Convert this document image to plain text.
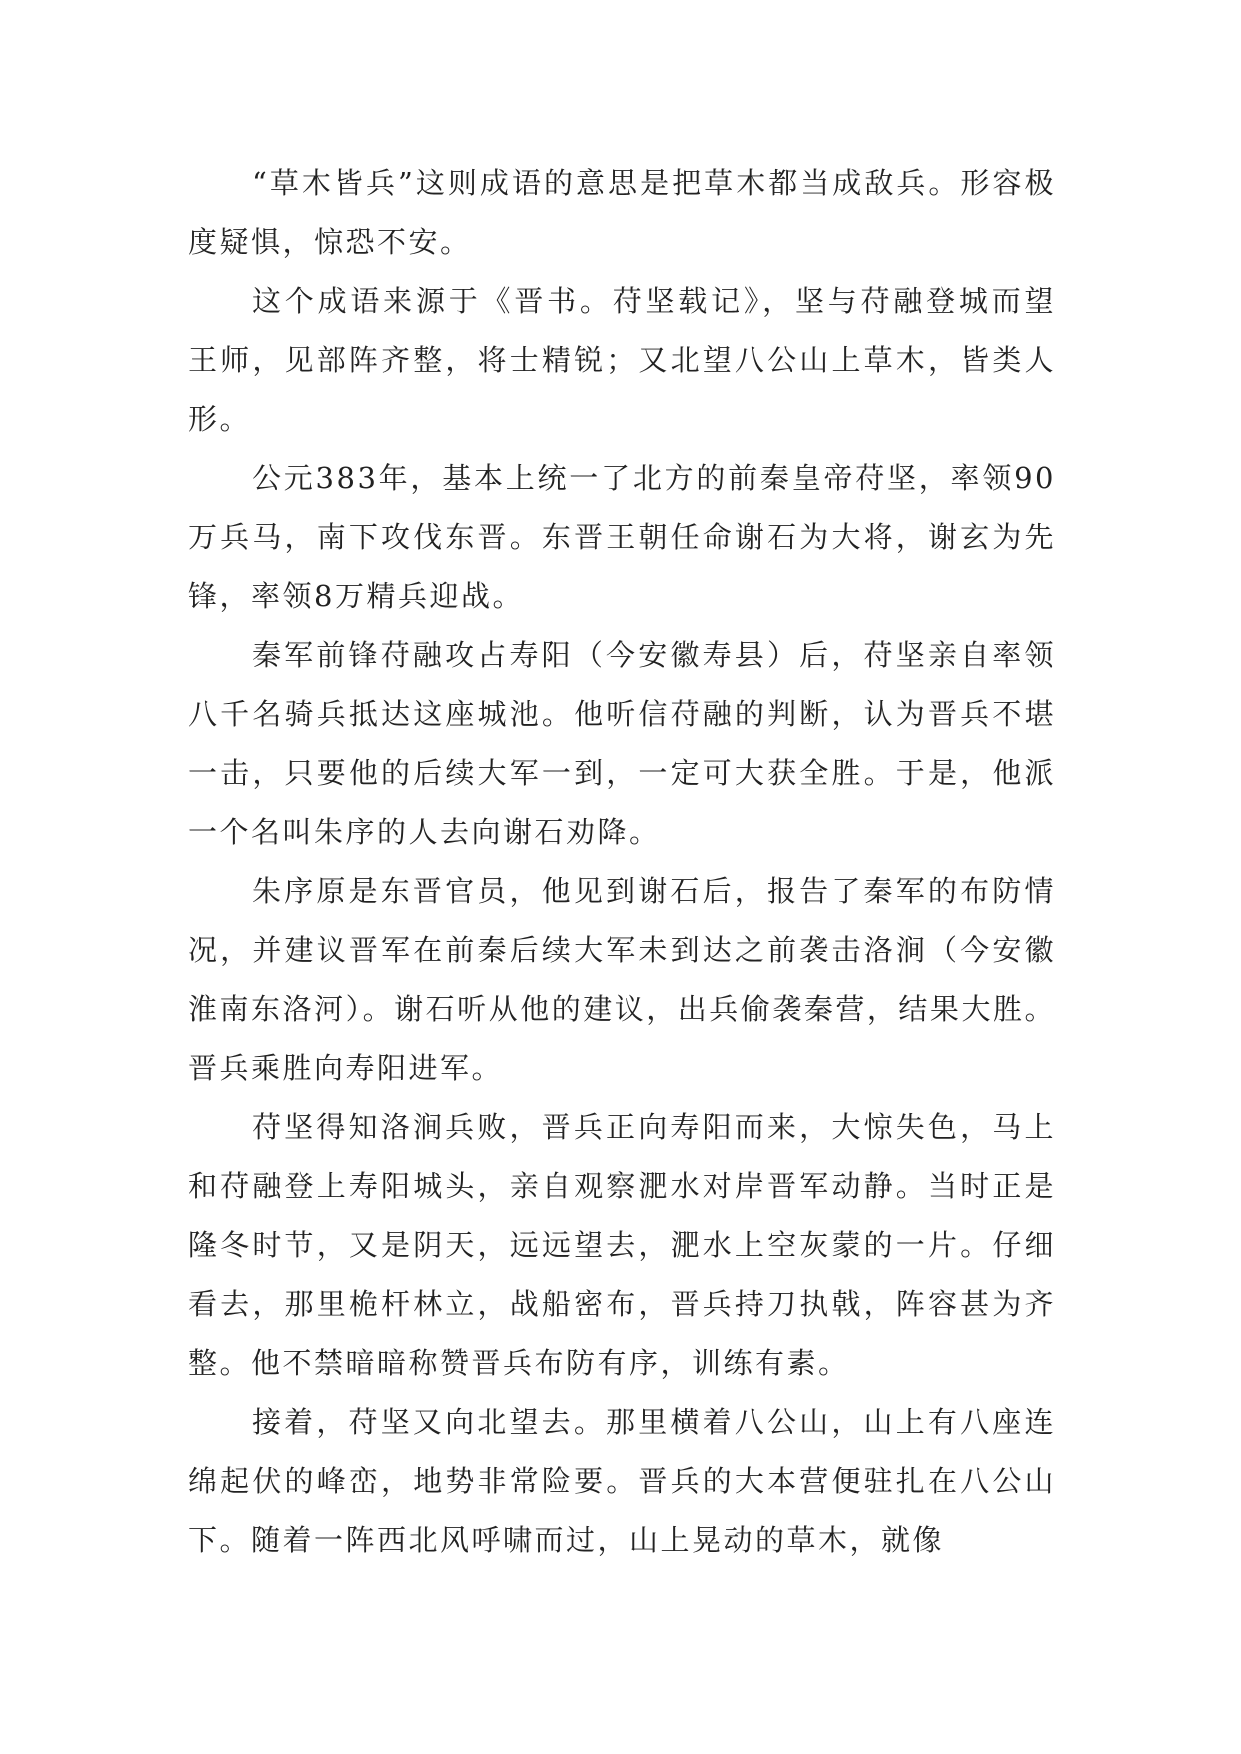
“草木皆兵”这则成语的意思是把草木都当成敌兵。形容极度疑惧，惊恐不安。

这个成语来源于《晋书。苻坚载记》，坚与苻融登城而望王师，见部阵齐整，将士精锐；又北望八公山上草木，皆类人形。

公元383年，基本上统一了北方的前秦皇帝苻坚，率领90万兵马，南下攻伐东晋。东晋王朝任命谢石为大将，谢玄为先锋，率领8万精兵迎战。

秦军前锋苻融攻占寿阳（今安徽寿县）后，苻坚亲自率领八千名骑兵抵达这座城池。他听信苻融的判断，认为晋兵不堪一击，只要他的后续大军一到，一定可大获全胜。于是，他派一个名叫朱序的人去向谢石劝降。

朱序原是东晋官员，他见到谢石后，报告了秦军的布防情况，并建议晋军在前秦后续大军未到达之前袭击洛涧（今安徽淮南东洛河）。谢石听从他的建议，出兵偷袭秦营，结果大胜。晋兵乘胜向寿阳进军。

苻坚得知洛涧兵败，晋兵正向寿阳而来，大惊失色，马上和苻融登上寿阳城头，亲自观察淝水对岸晋军动静。当时正是隆冬时节，又是阴天，远远望去，淝水上空灰蒙的一片。仔细看去，那里桅杆林立，战船密布，晋兵持刀执戟，阵容甚为齐整。他不禁暗暗称赞晋兵布防有序，训练有素。

接着，苻坚又向北望去。那里横着八公山，山上有八座连绵起伏的峰峦，地势非常险要。晋兵的大本营便驻扎在八公山下。随着一阵西北风呼啸而过，山上晃动的草木，就像
